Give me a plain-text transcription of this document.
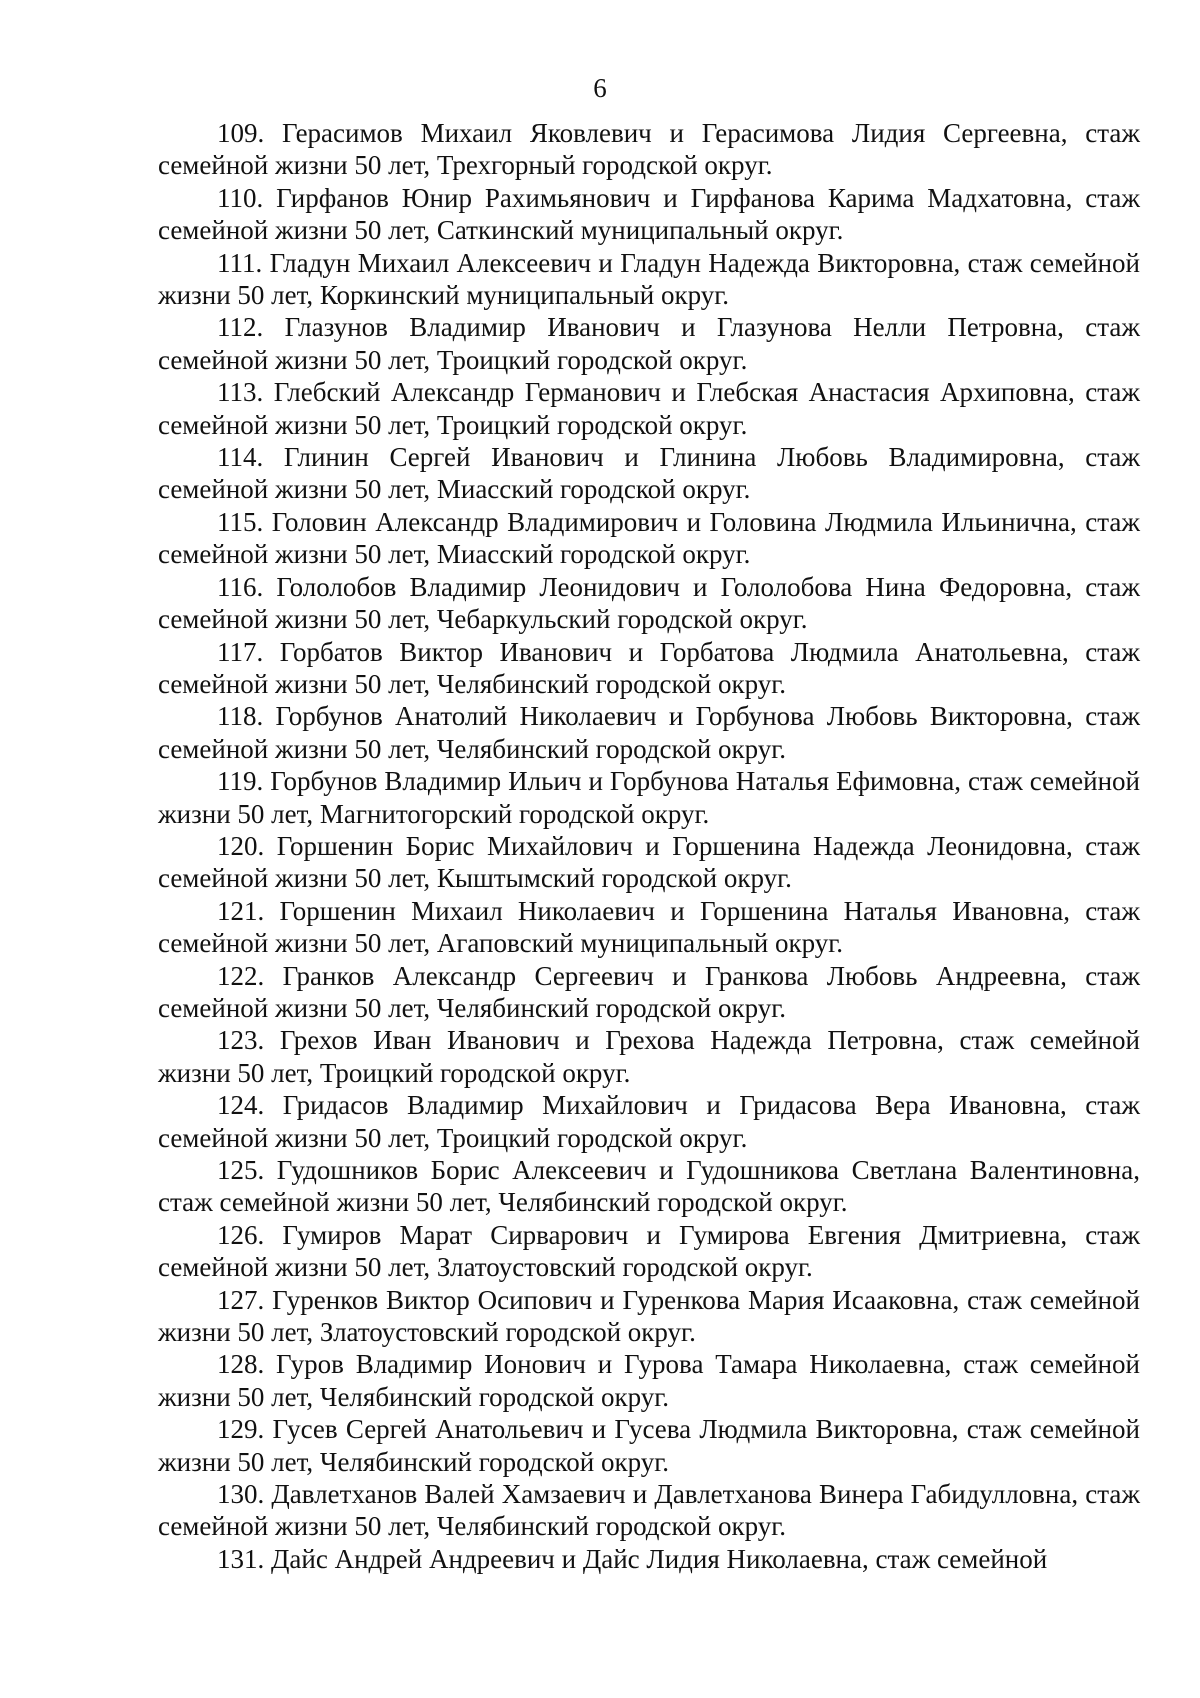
6

109. Герасимов Михаил Яковлевич и Герасимова Лидия Сергеевна, стаж семейной жизни 50 лет, Трехгорный городской округ.

110. Гирфанов Юнир Рахимьянович и Гирфанова Карима Мадхатовна, стаж семейной жизни 50 лет, Саткинский муниципальный округ.

111. Гладун Михаил Алексеевич и Гладун Надежда Викторовна, стаж семейной жизни 50 лет, Коркинский муниципальный округ.

112. Глазунов Владимир Иванович и Глазунова Нелли Петровна, стаж семейной жизни 50 лет, Троицкий городской округ.

113. Глебский Александр Германович и Глебская Анастасия Архиповна, стаж семейной жизни 50 лет, Троицкий городской округ.

114. Глинин Сергей Иванович и Глинина Любовь Владимировна, стаж семейной жизни 50 лет, Миасский городской округ.

115. Головин Александр Владимирович и Головина Людмила Ильинична, стаж семейной жизни 50 лет, Миасский городской округ.

116. Гололобов Владимир Леонидович и Гололобова Нина Федоровна, стаж семейной жизни 50 лет, Чебаркульский городской округ.

117. Горбатов Виктор Иванович и Горбатова Людмила Анатольевна, стаж семейной жизни 50 лет, Челябинский городской округ.

118. Горбунов Анатолий Николаевич и Горбунова Любовь Викторовна, стаж семейной жизни 50 лет, Челябинский городской округ.

119. Горбунов Владимир Ильич и Горбунова Наталья Ефимовна, стаж семейной жизни 50 лет, Магнитогорский городской округ.

120. Горшенин Борис Михайлович и Горшенина Надежда Леонидовна, стаж семейной жизни 50 лет, Кыштымский городской округ.

121. Горшенин Михаил Николаевич и Горшенина Наталья Ивановна, стаж семейной жизни 50 лет, Агаповский муниципальный округ.

122. Гранков Александр Сергеевич и Гранкова Любовь Андреевна, стаж семейной жизни 50 лет, Челябинский городской округ.

123. Грехов Иван Иванович и Грехова Надежда Петровна, стаж семейной жизни 50 лет, Троицкий городской округ.

124. Гридасов Владимир Михайлович и Гридасова Вера Ивановна, стаж семейной жизни 50 лет, Троицкий городской округ.

125. Гудошников Борис Алексеевич и Гудошникова Светлана Валентиновна, стаж семейной жизни 50 лет, Челябинский городской округ.

126. Гумиров Марат Сирварович и Гумирова Евгения Дмитриевна, стаж семейной жизни 50 лет, Златоустовский городской округ.

127. Гуренков Виктор Осипович и Гуренкова Мария Исааковна, стаж семейной жизни 50 лет, Златоустовский городской округ.

128. Гуров Владимир Ионович и Гурова Тамара Николаевна, стаж семейной жизни 50 лет, Челябинский городской округ.

129. Гусев Сергей Анатольевич и Гусева Людмила Викторовна, стаж семейной жизни 50 лет, Челябинский городской округ.

130. Давлетханов Валей Хамзаевич и Давлетханова Винера Габидулловна, стаж семейной жизни 50 лет, Челябинский городской округ.

131. Дайс Андрей Андреевич и Дайс Лидия Николаевна, стаж семейной
